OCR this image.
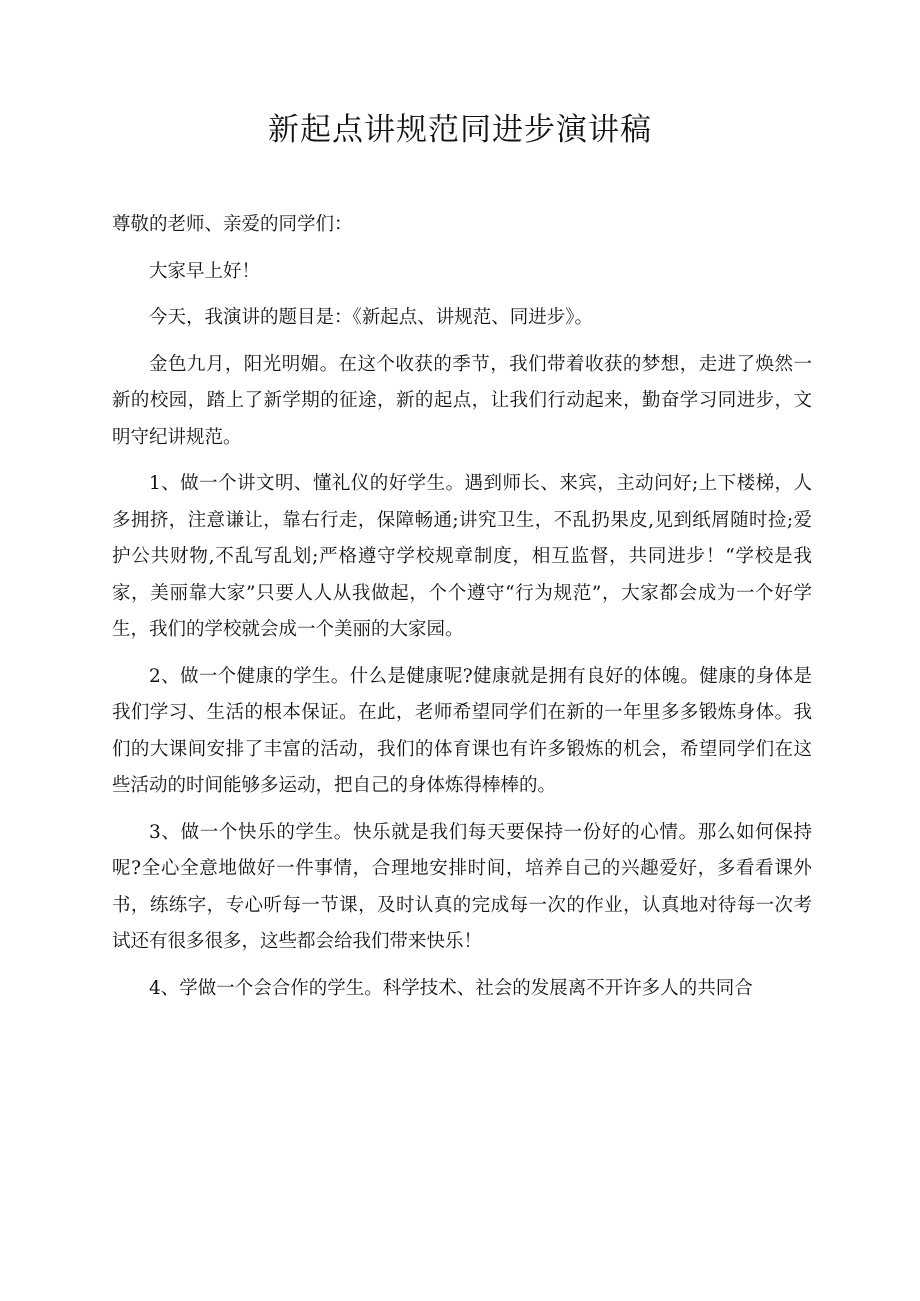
新起点讲规范同进步演讲稿

尊敬的老师、亲爱的同学们：

大家早上好！

今天，我演讲的题目是：《新起点、讲规范、同进步》。

金色九月，阳光明媚。在这个收获的季节，我们带着收获的梦想，走进了焕然一新的校园，踏上了新学期的征途，新的起点，让我们行动起来，勤奋学习同进步，文明守纪讲规范。

1、做一个讲文明、懂礼仪的好学生。遇到师长、来宾，主动问好;上下楼梯，人多拥挤，注意谦让，靠右行走，保障畅通;讲究卫生，不乱扔果皮,见到纸屑随时捡;爱护公共财物,不乱写乱划;严格遵守学校规章制度，相互监督，共同进步！“学校是我家，美丽靠大家”只要人人从我做起，个个遵守“行为规范”，大家都会成为一个好学生，我们的学校就会成一个美丽的大家园。

2、做一个健康的学生。什么是健康呢?健康就是拥有良好的体魄。健康的身体是我们学习、生活的根本保证。在此，老师希望同学们在新的一年里多多锻炼身体。我们的大课间安排了丰富的活动，我们的体育课也有许多锻炼的机会，希望同学们在这些活动的时间能够多运动，把自己的身体炼得棒棒的。

3、做一个快乐的学生。快乐就是我们每天要保持一份好的心情。那么如何保持呢?全心全意地做好一件事情，合理地安排时间，培养自己的兴趣爱好，多看看课外书，练练字，专心听每一节课，及时认真的完成每一次的作业，认真地对待每一次考试还有很多很多，这些都会给我们带来快乐！

4、学做一个会合作的学生。科学技术、社会的发展离不开许多人的共同合
